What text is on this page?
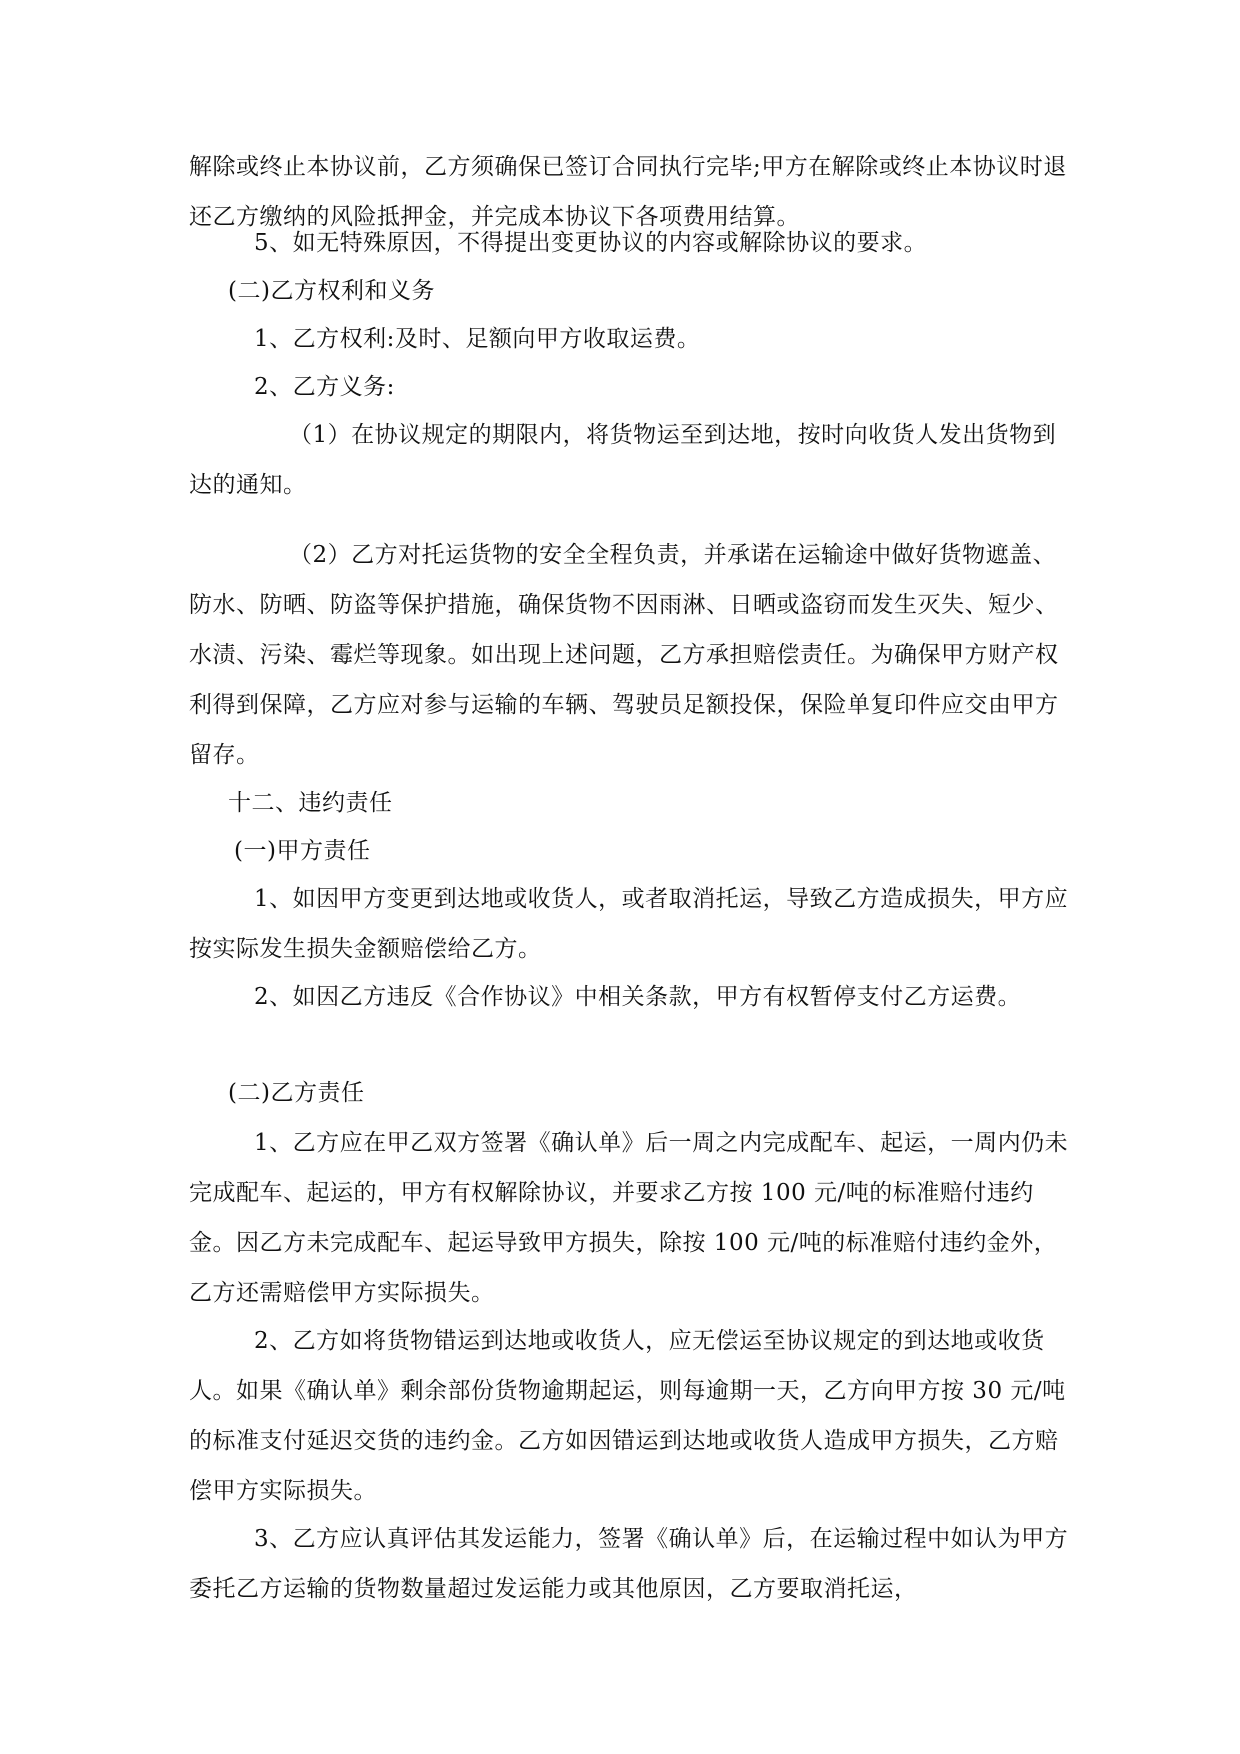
解除或终止本协议前，乙方须确保已签订合同执行完毕;甲方在解除或终止本协议时退还乙方缴纳的风险抵押金，并完成本协议下各项费用结算。

5、如无特殊原因，不得提出变更协议的内容或解除协议的要求。

(二)乙方权利和义务

1、乙方权利:及时、足额向甲方收取运费。

2、乙方义务:

（1）在协议规定的期限内，将货物运至到达地，按时向收货人发出货物到达的通知。

（2）乙方对托运货物的安全全程负责，并承诺在运输途中做好货物遮盖、防水、防晒、防盗等保护措施，确保货物不因雨淋、日晒或盗窃而发生灭失、短少、水渍、污染、霉烂等现象。如出现上述问题，乙方承担赔偿责任。为确保甲方财产权利得到保障，乙方应对参与运输的车辆、驾驶员足额投保，保险单复印件应交由甲方留存。

十二、违约责任

(一)甲方责任

1、如因甲方变更到达地或收货人，或者取消托运，导致乙方造成损失，甲方应按实际发生损失金额赔偿给乙方。

2、如因乙方违反《合作协议》中相关条款，甲方有权暂停支付乙方运费。

(二)乙方责任

1、乙方应在甲乙双方签署《确认单》后一周之内完成配车、起运，一周内仍未完成配车、起运的，甲方有权解除协议，并要求乙方按 100 元/吨的标准赔付违约金。因乙方未完成配车、起运导致甲方损失，除按 100 元/吨的标准赔付违约金外，乙方还需赔偿甲方实际损失。

2、乙方如将货物错运到达地或收货人，应无偿运至协议规定的到达地或收货人。如果《确认单》剩余部份货物逾期起运，则每逾期一天，乙方向甲方按 30 元/吨的标准支付延迟交货的违约金。乙方如因错运到达地或收货人造成甲方损失，乙方赔偿甲方实际损失。

3、乙方应认真评估其发运能力，签署《确认单》后，在运输过程中如认为甲方委托乙方运输的货物数量超过发运能力或其他原因，乙方要取消托运，
